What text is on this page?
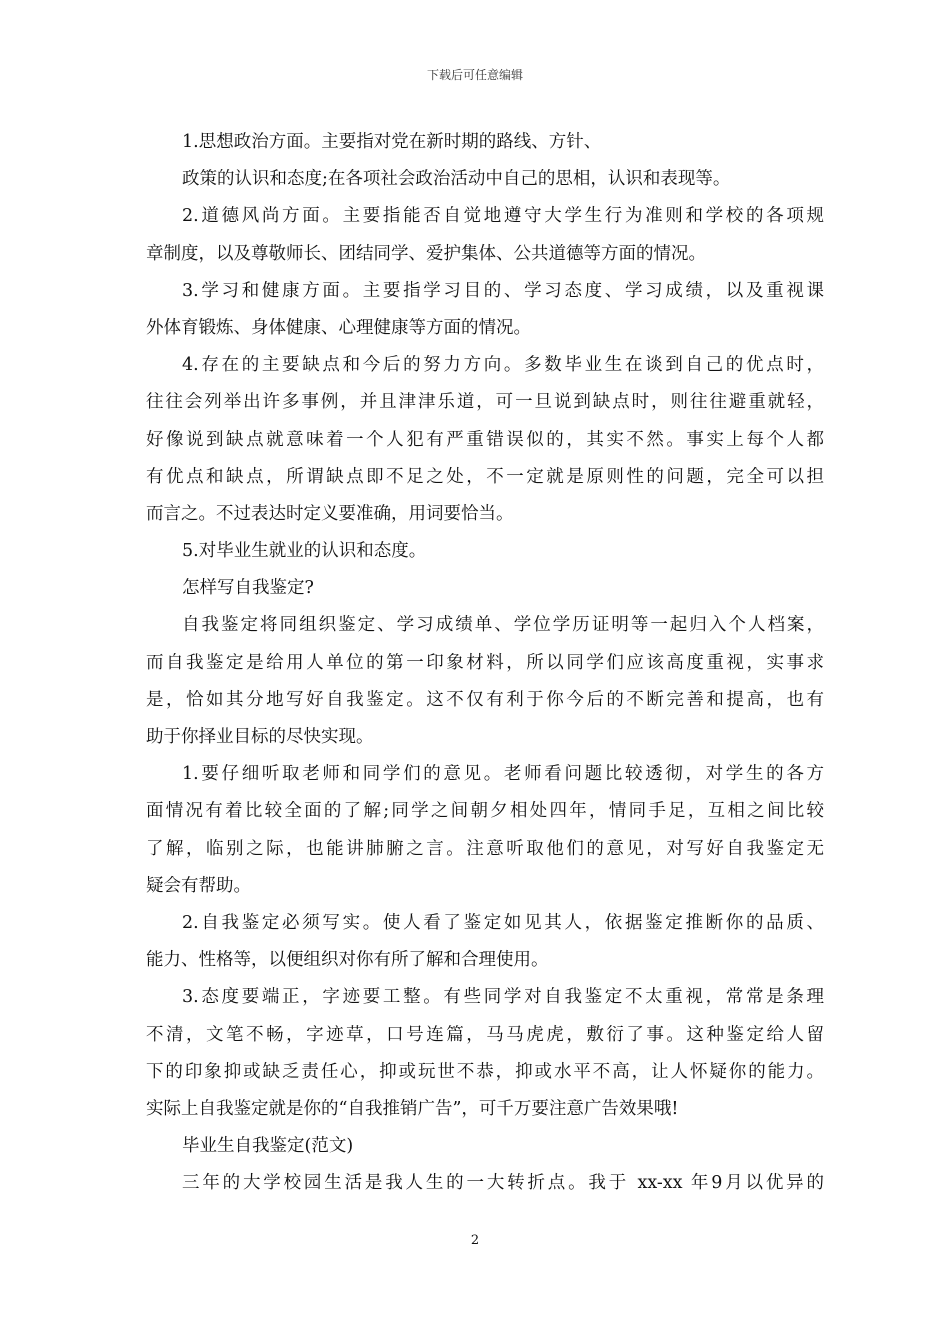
下载后可任意编辑
1.思想政治方面。主要指对党在新时期的路线、方针、
政策的认识和态度;在各项社会政治活动中自己的思相，认识和表现等。
2.道德风尚方面。主要指能否自觉地遵守大学生行为准则和学校的各项规
章制度，以及尊敬师长、团结同学、爱护集体、公共道德等方面的情况。
3.学习和健康方面。主要指学习目的、学习态度、学习成绩，以及重视课
外体育锻炼、身体健康、心理健康等方面的情况。
4.存在的主要缺点和今后的努力方向。多数毕业生在谈到自己的优点时，
往往会列举出许多事例，并且津津乐道，可一旦说到缺点时，则往往避重就轻，
好像说到缺点就意味着一个人犯有严重错误似的，其实不然。事实上每个人都
有优点和缺点，所谓缺点即不足之处，不一定就是原则性的问题，完全可以担
而言之。不过表达时定义要准确，用词要恰当。
5.对毕业生就业的认识和态度。
怎样写自我鉴定?
自我鉴定将同组织鉴定、学习成绩单、学位学历证明等一起归入个人档案，
而自我鉴定是给用人单位的第一印象材料，所以同学们应该高度重视，实事求
是，恰如其分地写好自我鉴定。这不仅有利于你今后的不断完善和提高，也有
助于你择业目标的尽快实现。
1.要仔细听取老师和同学们的意见。老师看问题比较透彻，对学生的各方
面情况有着比较全面的了解;同学之间朝夕相处四年，情同手足，互相之间比较
了解，临别之际，也能讲肺腑之言。注意听取他们的意见，对写好自我鉴定无
疑会有帮助。
2.自我鉴定必须写实。使人看了鉴定如见其人，依据鉴定推断你的品质、
能力、性格等，以便组织对你有所了解和合理使用。
3.态度要端正，字迹要工整。有些同学对自我鉴定不太重视，常常是条理
不清，文笔不畅，字迹草，口号连篇，马马虎虎，敷衍了事。这种鉴定给人留
下的印象抑或缺乏责任心，抑或玩世不恭，抑或水平不高，让人怀疑你的能力。
实际上自我鉴定就是你的“自我推销广告”，可千万要注意广告效果哦!
毕业生自我鉴定(范文)
三年的大学校园生活是我人生的一大转折点。我于 xx-xx 年9月以优异的
2
